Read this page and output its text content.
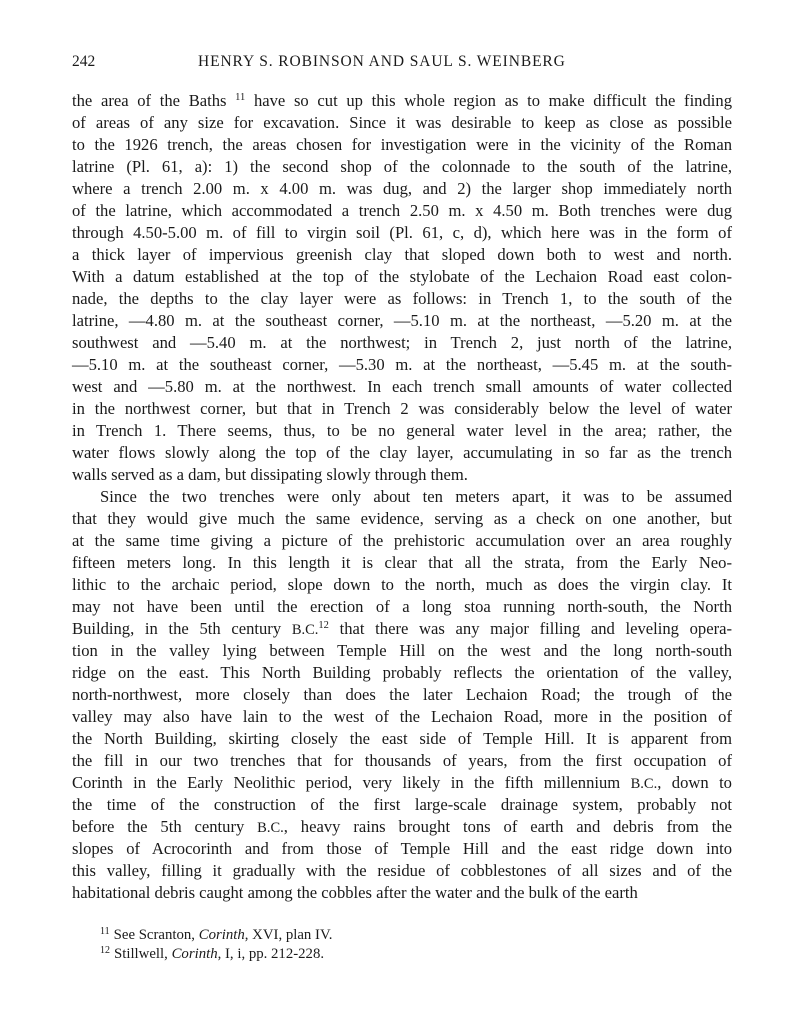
242	HENRY S. ROBINSON AND SAUL S. WEINBERG
the area of the Baths $^{11}$ have so cut up this whole region as to make difficult the finding
of areas of any size for excavation. Since it was desirable to keep as close as possible
to the 1926 trench, the areas chosen for investigation were in the vicinity of the Roman
latrine (Pl. 61, a): 1) the second shop of the colonnade to the south of the latrine,
where a trench 2.00 m. x 4.00 m. was dug, and 2) the larger shop immediately north
of the latrine, which accommodated a trench 2.50 m. x 4.50 m. Both trenches were dug
through 4.50-5.00 m. of fill to virgin soil (Pl. 61, c, d), which here was in the form of
a thick layer of impervious greenish clay that sloped down both to west and north.
With a datum established at the top of the stylobate of the Lechaion Road east colon-
nade, the depths to the clay layer were as follows: in Trench 1, to the south of the
latrine, —4.80 m. at the southeast corner, —5.10 m. at the northeast, —5.20 m. at the
southwest and —5.40 m. at the northwest; in Trench 2, just north of the latrine,
—5.10 m. at the southeast corner, —5.30 m. at the northeast, —5.45 m. at the south-
west and —5.80 m. at the northwest. In each trench small amounts of water collected
in the northwest corner, but that in Trench 2 was considerably below the level of water
in Trench 1. There seems, thus, to be no general water level in the area; rather, the
water flows slowly along the top of the clay layer, accumulating in so far as the trench
walls served as a dam, but dissipating slowly through them.
Since the two trenches were only about ten meters apart, it was to be assumed
that they would give much the same evidence, serving as a check on one another, but
at the same time giving a picture of the prehistoric accumulation over an area roughly
fifteen meters long. In this length it is clear that all the strata, from the Early Neo-
lithic to the archaic period, slope down to the north, much as does the virgin clay. It
may not have been until the erection of a long stoa running north-south, the North
Building, in the 5th century B.C.$^{12}$ that there was any major filling and leveling opera-
tion in the valley lying between Temple Hill on the west and the long north-south
ridge on the east. This North Building probably reflects the orientation of the valley,
north-northwest, more closely than does the later Lechaion Road; the trough of the
valley may also have lain to the west of the Lechaion Road, more in the position of
the North Building, skirting closely the east side of Temple Hill. It is apparent from
the fill in our two trenches that for thousands of years, from the first occupation of
Corinth in the Early Neolithic period, very likely in the fifth millennium B.C., down to
the time of the construction of the first large-scale drainage system, probably not
before the 5th century B.C., heavy rains brought tons of earth and debris from the
slopes of Acrocorinth and from those of Temple Hill and the east ridge down into
this valley, filling it gradually with the residue of cobblestones of all sizes and of the
habitational debris caught among the cobbles after the water and the bulk of the earth
$^{11}$ See Scranton, Corinth, XVI, plan IV.
$^{12}$ Stillwell, Corinth, I, i, pp. 212-228.
